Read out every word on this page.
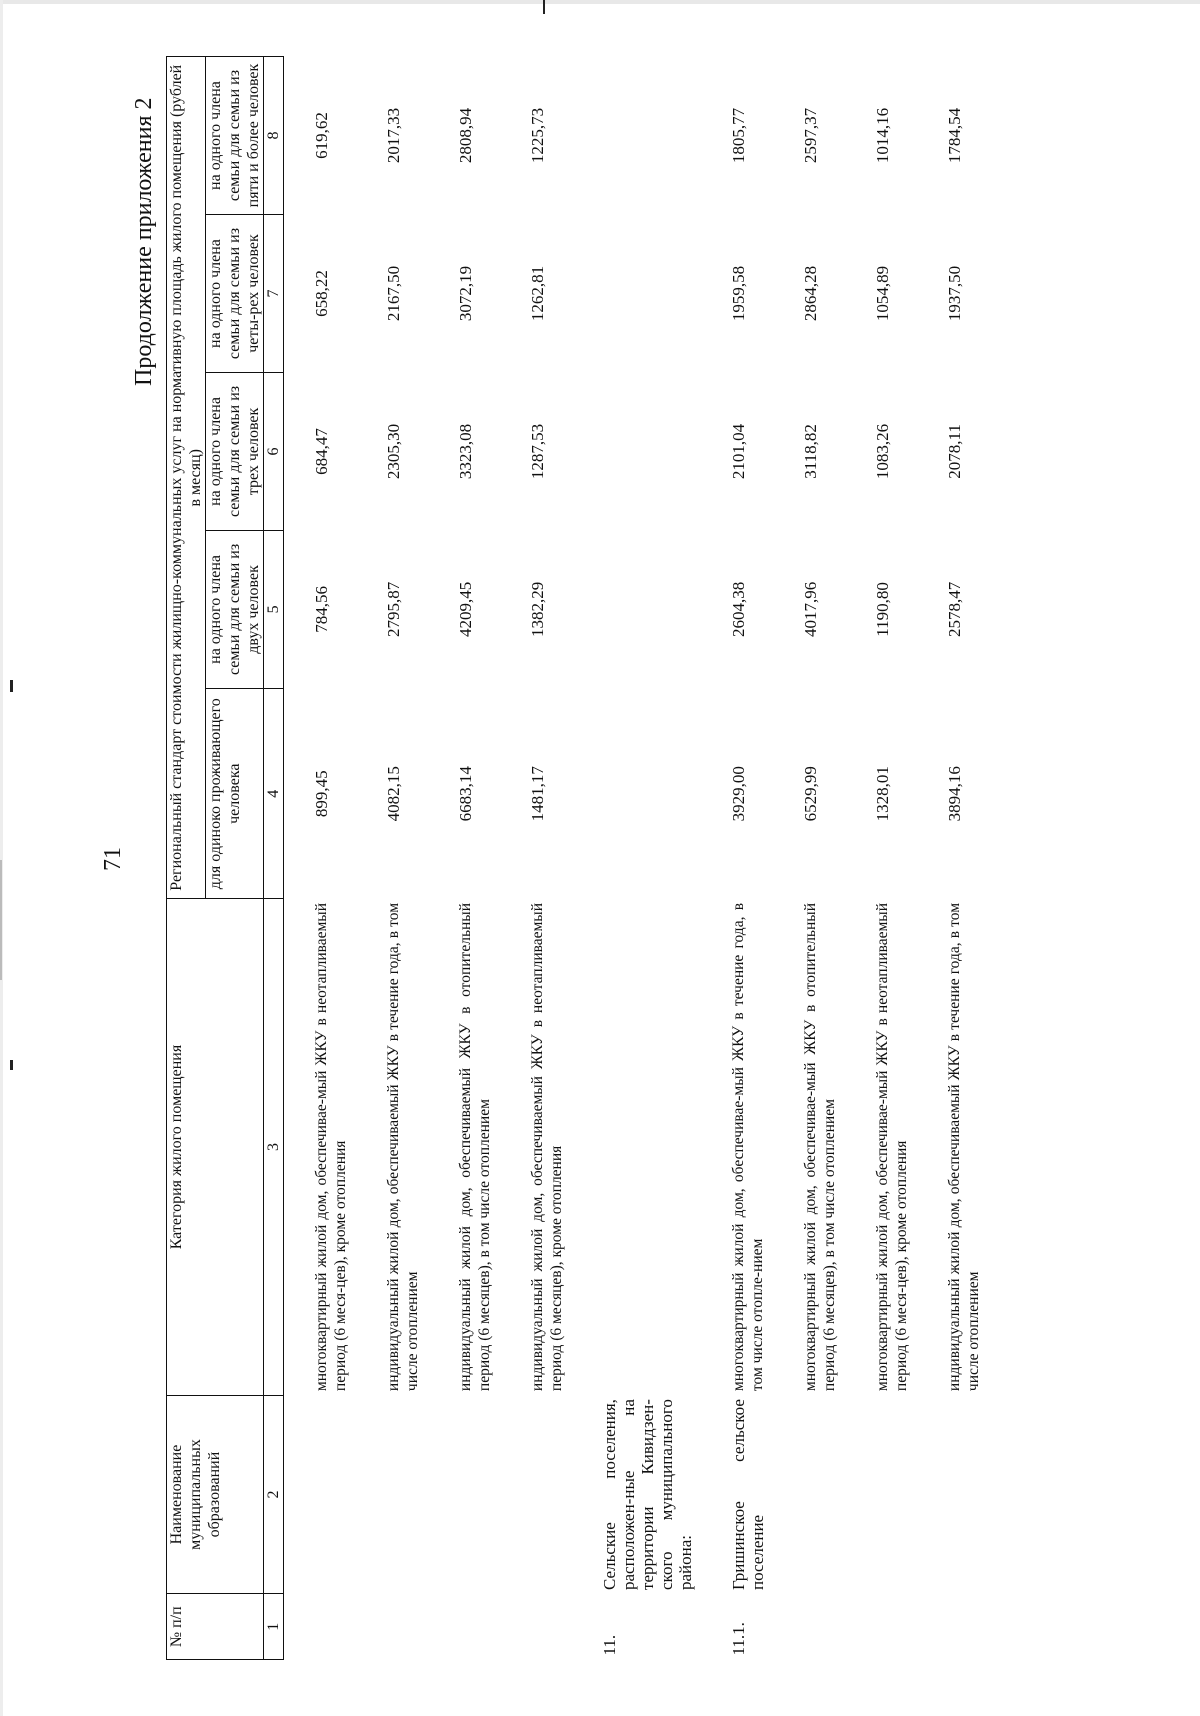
71
Продолжение приложения 2
№ п/п	Наименование муниципальных образований	Категория жилого помещения	Региональный стандарт стоимости жилищно-коммунальных услуг на нормативную площадь жилого помещения (рублей в месяц)				
			для одиноко проживающего человека	на одного члена семьи для семьи из двух человек	на одного члена семьи для семьи из трех человек	на одного члена семьи для семьи из четы-рех человек	на одного члена семьи для семьи из пяти и более человек
1	2	3	4	5	6	7	8
		многоквартирный жилой дом, обеспечивае-мый ЖКУ в неотапливаемый период (6 меся-цев), кроме отопления	899,45	784,56	684,47	658,22	619,62
		индивидуальный жилой дом, обеспечиваемый ЖКУ в течение года, в том числе отоплением	4082,15	2795,87	2305,30	2167,50	2017,33
		индивидуальный жилой дом, обеспечиваемый ЖКУ в отопительный период (6 месяцев), в том числе отоплением	6683,14	4209,45	3323,08	3072,19	2808,94
		индивидуальный жилой дом, обеспечиваемый ЖКУ в неотапливаемый период (6 месяцев), кроме отопления	1481,17	1382,29	1287,53	1262,81	1225,73
11.	Сельские поселения, расположен-ные на территории Кивидзен-ского муниципального района:						
11.1.	Гришинское сельское поселение	многоквартирный жилой дом, обеспечивае-мый ЖКУ в течение года, в том числе отопле-нием	3929,00	2604,38	2101,04	1959,58	1805,77
		многоквартирный жилой дом, обеспечивае-мый ЖКУ в отопительный период (6 месяцев), в том числе отоплением	6529,99	4017,96	3118,82	2864,28	2597,37
		многоквартирный жилой дом, обеспечивае-мый ЖКУ в неотапливаемый период (6 меся-цев), кроме отопления	1328,01	1190,80	1083,26	1054,89	1014,16
		индивидуальный жилой дом, обеспечиваемый ЖКУ в течение года, в том числе отоплением	3894,16	2578,47	2078,11	1937,50	1784,54
